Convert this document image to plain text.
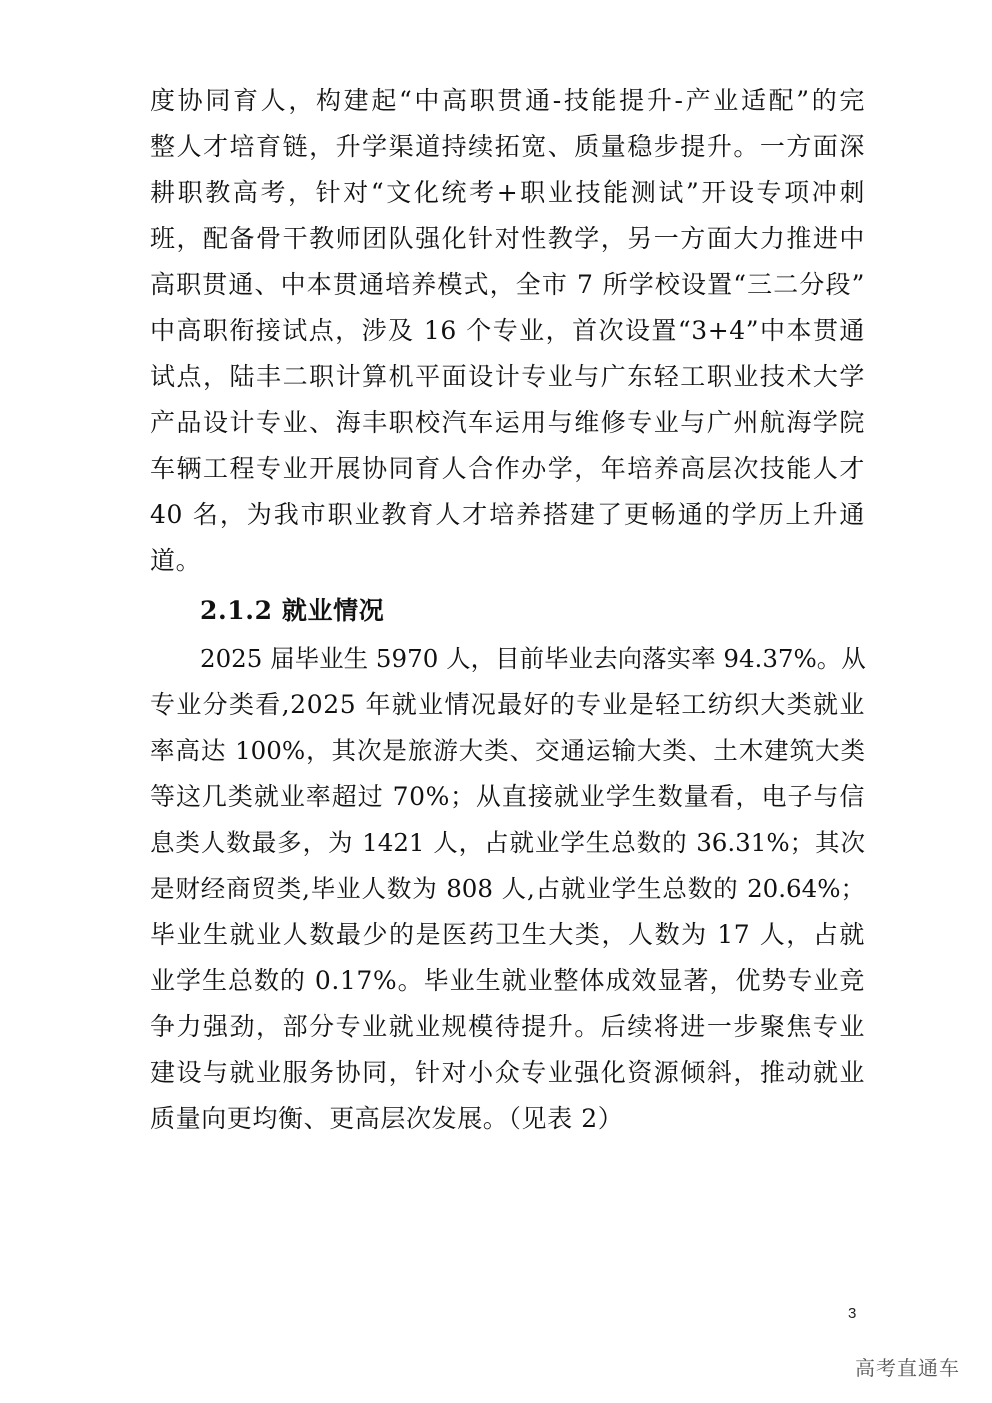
度协同育人，构建起“中高职贯通-技能提升-产业适配”的完
整人才培育链，升学渠道持续拓宽、质量稳步提升。一方面深
耕职教高考，针对“文化统考+职业技能测试”开设专项冲刺
班，配备骨干教师团队强化针对性教学，另一方面大力推进中
高职贯通、中本贯通培养模式，全市 7 所学校设置“三二分段”
中高职衔接试点，涉及 16 个专业，首次设置“3+4”中本贯通
试点，陆丰二职计算机平面设计专业与广东轻工职业技术大学
产品设计专业、海丰职校汽车运用与维修专业与广州航海学院
车辆工程专业开展协同育人合作办学，年培养高层次技能人才
40 名，为我市职业教育人才培养搭建了更畅通的学历上升通
道。
2.1.2 就业情况
2025 届毕业生 5970 人，目前毕业去向落实率 94.37%。从
专业分类看,2025 年就业情况最好的专业是轻工纺织大类就业
率高达 100%，其次是旅游大类、交通运输大类、土木建筑大类
等这几类就业率超过 70%；从直接就业学生数量看，电子与信
息类人数最多，为 1421 人，占就业学生总数的 36.31%；其次
是财经商贸类,毕业人数为 808 人,占就业学生总数的 20.64%；
毕业生就业人数最少的是医药卫生大类，人数为 17 人，占就
业学生总数的 0.17%。毕业生就业整体成效显著，优势专业竞
争力强劲，部分专业就业规模待提升。后续将进一步聚焦专业
建设与就业服务协同，针对小众专业强化资源倾斜，推动就业
质量向更均衡、更高层次发展。（见表 2）
3
高考直通车
